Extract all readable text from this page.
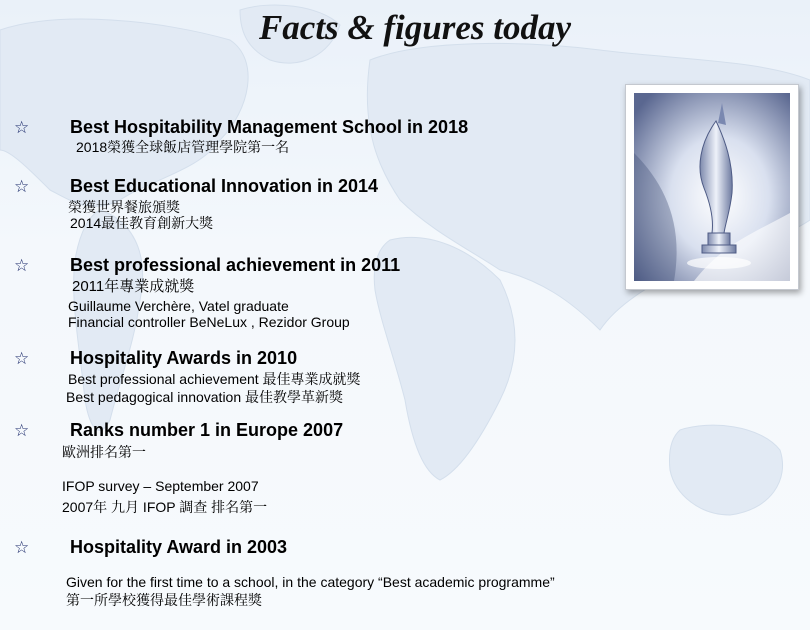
Facts & figures today
☆ Best Hospitability Management School in 2018
2018榮獲全球飯店管理學院第一名
☆ Best Educational Innovation in 2014
榮獲世界餐旅頒獎
2014最佳教育創新大獎
☆ Best professional achievement in 2011
2011年專業成就獎
Guillaume Verchère, Vatel graduate
Financial controller BeNeLux , Rezidor Group
☆ Hospitality Awards in 2010
Best professional achievement 最佳專業成就獎
Best pedagogical innovation 最佳教學革新獎
☆ Ranks number 1 in Europe 2007
歐洲排名第一
IFOP survey – September 2007
2007年 九月 IFOP 調查 排名第一
☆ Hospitality Award in 2003
Given for the first time to a school, in the category “Best academic programme”
第一所學校獲得最佳學術課程獎
